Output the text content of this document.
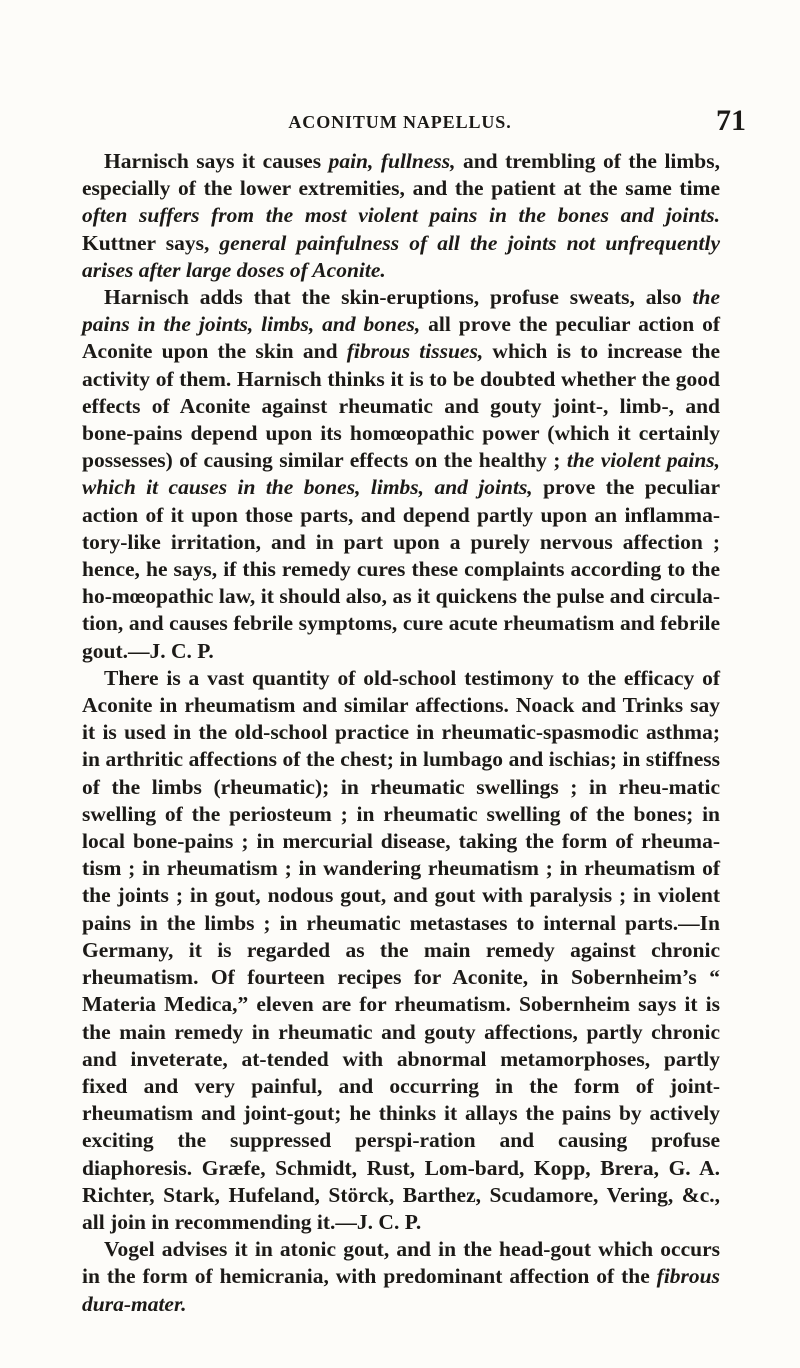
ACONITUM NAPELLUS.	71

Harnisch says it causes pain, fullness, and trembling of the limbs, especially of the lower extremities, and the patient at the same time often suffers from the most violent pains in the bones and joints. Kuttner says, general painfulness of all the joints not unfrequently arises after large doses of Aconite.

Harnisch adds that the skin-eruptions, profuse sweats, also the pains in the joints, limbs, and bones, all prove the peculiar action of Aconite upon the skin and fibrous tissues, which is to increase the activity of them. Harnisch thinks it is to be doubted whether the good effects of Aconite against rheumatic and gouty joint-, limb-, and bone-pains depend upon its homœopathic power (which it certainly possesses) of causing similar effects on the healthy ; the violent pains, which it causes in the bones, limbs, and joints, prove the peculiar action of it upon those parts, and depend partly upon an inflamma-tory-like irritation, and in part upon a purely nervous affection ; hence, he says, if this remedy cures these complaints according to the ho-mœopathic law, it should also, as it quickens the pulse and circula-tion, and causes febrile symptoms, cure acute rheumatism and febrile gout.—J. C. P.

There is a vast quantity of old-school testimony to the efficacy of Aconite in rheumatism and similar affections. Noack and Trinks say it is used in the old-school practice in rheumatic-spasmodic asthma; in arthritic affections of the chest; in lumbago and ischias; in stiffness of the limbs (rheumatic); in rheumatic swellings ; in rheu-matic swelling of the periosteum ; in rheumatic swelling of the bones; in local bone-pains ; in mercurial disease, taking the form of rheuma-tism ; in rheumatism ; in wandering rheumatism ; in rheumatism of the joints ; in gout, nodous gout, and gout with paralysis ; in violent pains in the limbs ; in rheumatic metastases to internal parts.—In Germany, it is regarded as the main remedy against chronic rheumatism. Of fourteen recipes for Aconite, in Sobernheim’s “ Materia Medica,” eleven are for rheumatism. Sobernheim says it is the main remedy in rheumatic and gouty affections, partly chronic and inveterate, at-tended with abnormal metamorphoses, partly fixed and very painful, and occurring in the form of joint-rheumatism and joint-gout; he thinks it allays the pains by actively exciting the suppressed perspi-ration and causing profuse diaphoresis. Græfe, Schmidt, Rust, Lom-bard, Kopp, Brera, G. A. Richter, Stark, Hufeland, Störck, Barthez, Scudamore, Vering, &c., all join in recommending it.—J. C. P.

Vogel advises it in atonic gout, and in the head-gout which occurs in the form of hemicrania, with predominant affection of the fibrous dura-mater.
